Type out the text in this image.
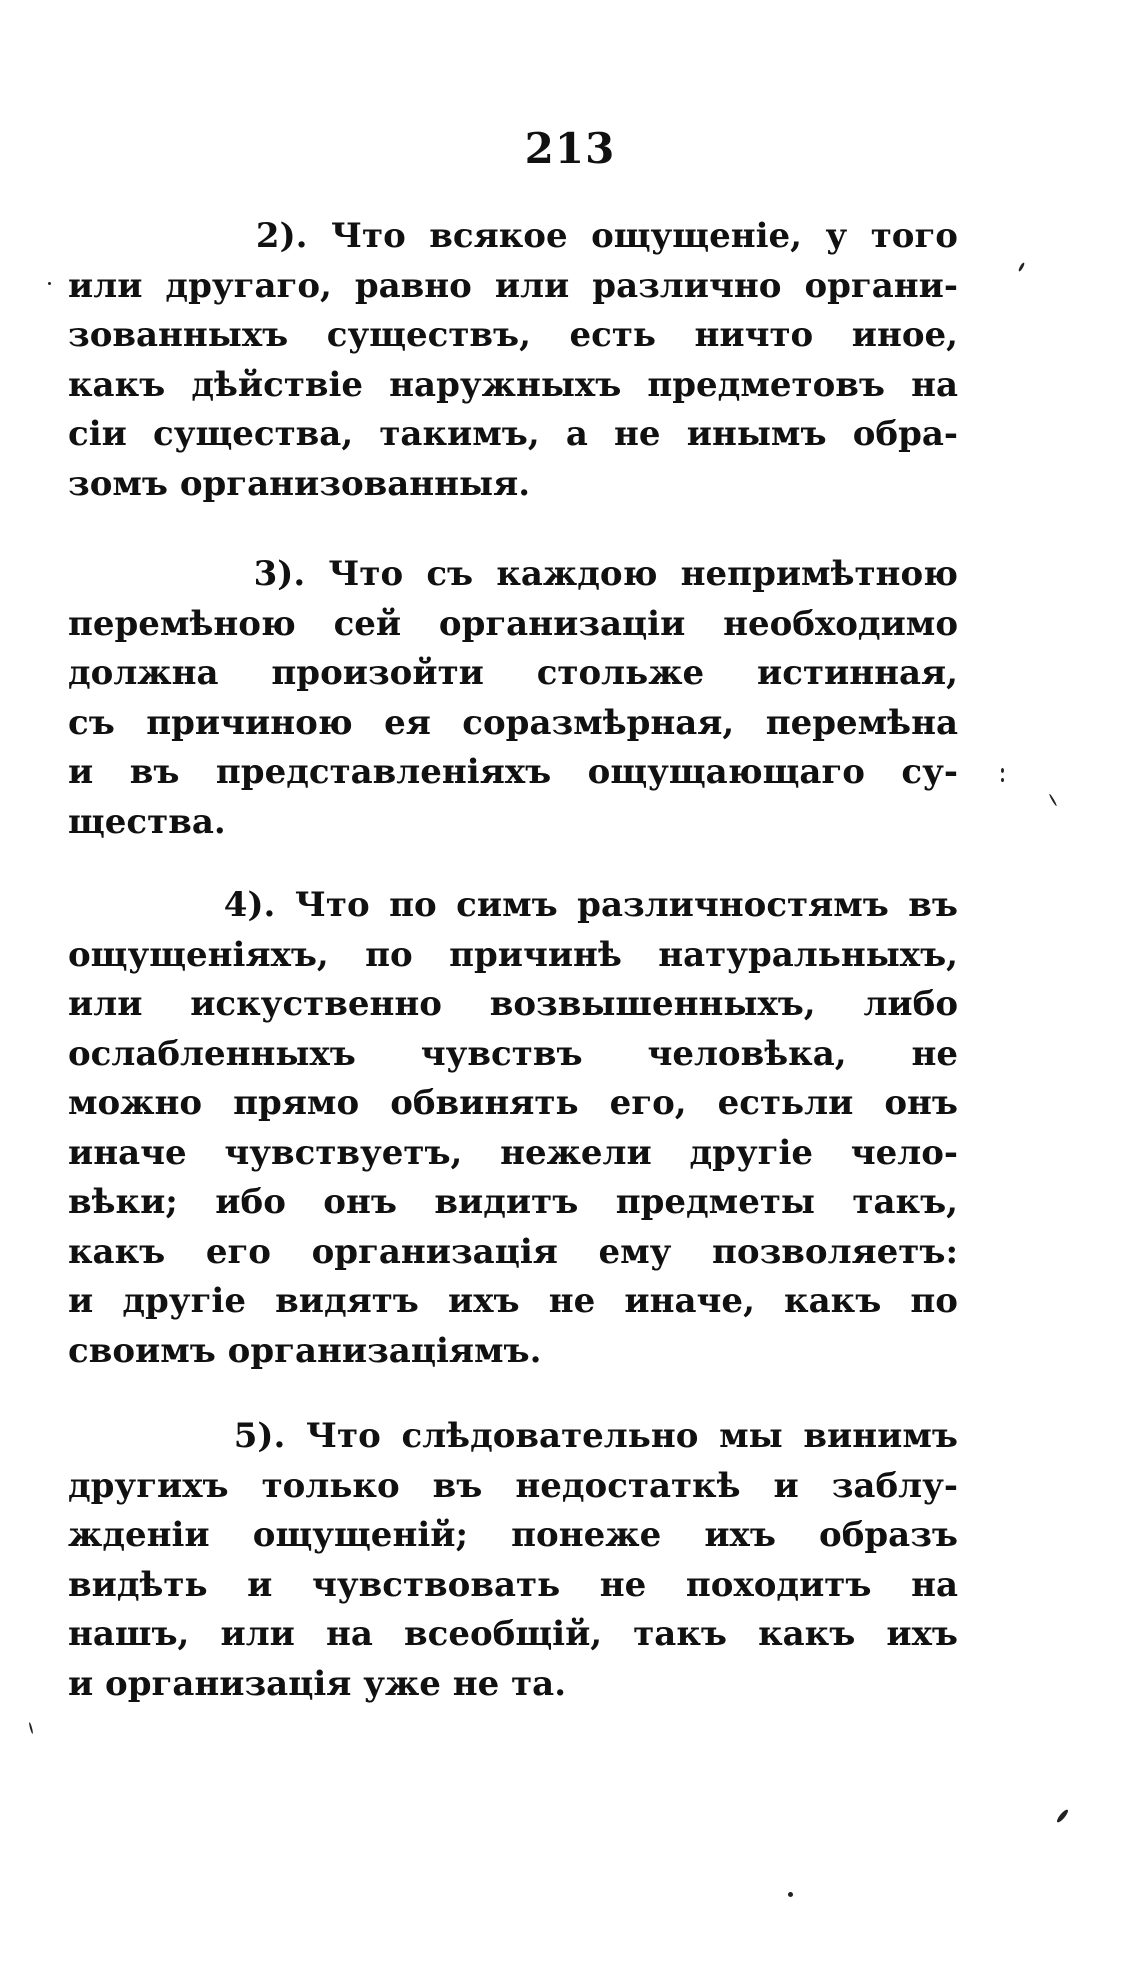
213
2). Что всякое ощущеніе, у того
или другаго, равно или различно органи-
зованныхъ существъ, есть ничто иное,
какъ дѣйствіе наружныхъ предметовъ на
сіи существа, такимъ, а не инымъ обра-
зомъ организованныя.
3). Что съ каждою непримѣтною
перемѣною сей организаціи необходимо
должна произойти стольже истинная,
съ причиною ея соразмѣрная, перемѣна
и въ представленіяхъ ощущающаго су-
щества.
4). Что по симъ различностямъ въ
ощущеніяхъ, по причинѣ натуральныхъ,
или искуственно возвышенныхъ, либо
ослабленныхъ чувствъ человѣка, не
можно прямо обвинять его, естьли онъ
иначе чувствуетъ, нежели другіе чело-
вѣки; ибо онъ видитъ предметы такъ,
какъ его организація ему позволяетъ:
и другіе видятъ ихъ не иначе, какъ по
своимъ организаціямъ.
5). Что слѣдовательно мы винимъ
другихъ только въ недостаткѣ и заблу-
жденіи ощущеній; понеже ихъ образъ
видѣть и чувствовать не походитъ на
нашъ, или на всеобщій, такъ какъ ихъ
и организація уже не та.
